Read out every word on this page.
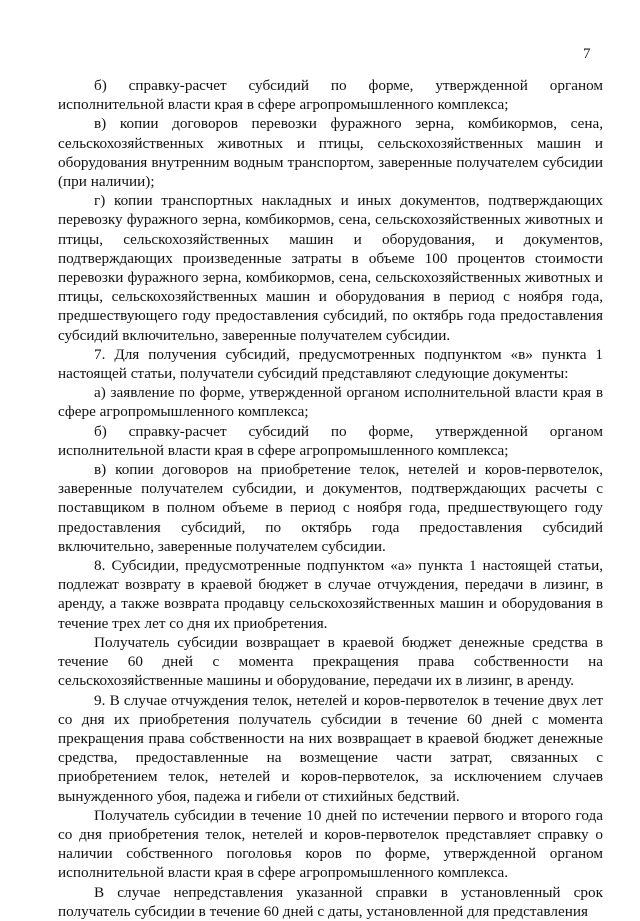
7

б) справку-расчет субсидий по форме, утвержденной органом исполнительной власти края в сфере агропромышленного комплекса;

в) копии договоров перевозки фуражного зерна, комбикормов, сена, сельскохозяйственных животных и птицы, сельскохозяйственных машин и оборудования внутренним водным транспортом, заверенные получателем субсидии (при наличии);

г) копии транспортных накладных и иных документов, подтверждающих перевозку фуражного зерна, комбикормов, сена, сельскохозяйственных животных и птицы, сельскохозяйственных машин и оборудования, и документов, подтверждающих произведенные затраты в объеме 100 процентов стоимости перевозки фуражного зерна, комбикормов, сена, сельскохозяйственных животных и птицы, сельскохозяйственных машин и оборудования в период с ноября года, предшествующего году предоставления субсидий, по октябрь года предоставления субсидий включительно, заверенные получателем субсидии.

7. Для получения субсидий, предусмотренных подпунктом «в» пункта 1 настоящей статьи, получатели субсидий представляют следующие документы:

а) заявление по форме, утвержденной органом исполнительной власти края в сфере агропромышленного комплекса;

б) справку-расчет субсидий по форме, утвержденной органом исполнительной власти края в сфере агропромышленного комплекса;

в) копии договоров на приобретение телок, нетелей и коров-первотелок, заверенные получателем субсидии, и документов, подтверждающих расчеты с поставщиком в полном объеме в период с ноября года, предшествующего году предоставления субсидий, по октябрь года предоставления субсидий включительно, заверенные получателем субсидии.

8. Субсидии, предусмотренные подпунктом «а» пункта 1 настоящей статьи, подлежат возврату в краевой бюджет в случае отчуждения, передачи в лизинг, в аренду, а также возврата продавцу сельскохозяйственных машин и оборудования в течение трех лет со дня их приобретения.

Получатель субсидии возвращает в краевой бюджет денежные средства в течение 60 дней с момента прекращения права собственности на сельскохозяйственные машины и оборудование, передачи их в лизинг, в аренду.

9. В случае отчуждения телок, нетелей и коров-первотелок в течение двух лет со дня их приобретения получатель субсидии в течение 60 дней с момента прекращения права собственности на них возвращает в краевой бюджет денежные средства, предоставленные на возмещение части затрат, связанных с приобретением телок, нетелей и коров-первотелок, за исключением случаев вынужденного убоя, падежа и гибели от стихийных бедствий.

Получатель субсидии в течение 10 дней по истечении первого и второго года со дня приобретения телок, нетелей и коров-первотелок представляет справку о наличии собственного поголовья коров по форме, утвержденной органом исполнительной власти края в сфере агропромышленного комплекса.

В случае непредставления указанной справки в установленный срок получатель субсидии в течение 60 дней с даты, установленной для представления
